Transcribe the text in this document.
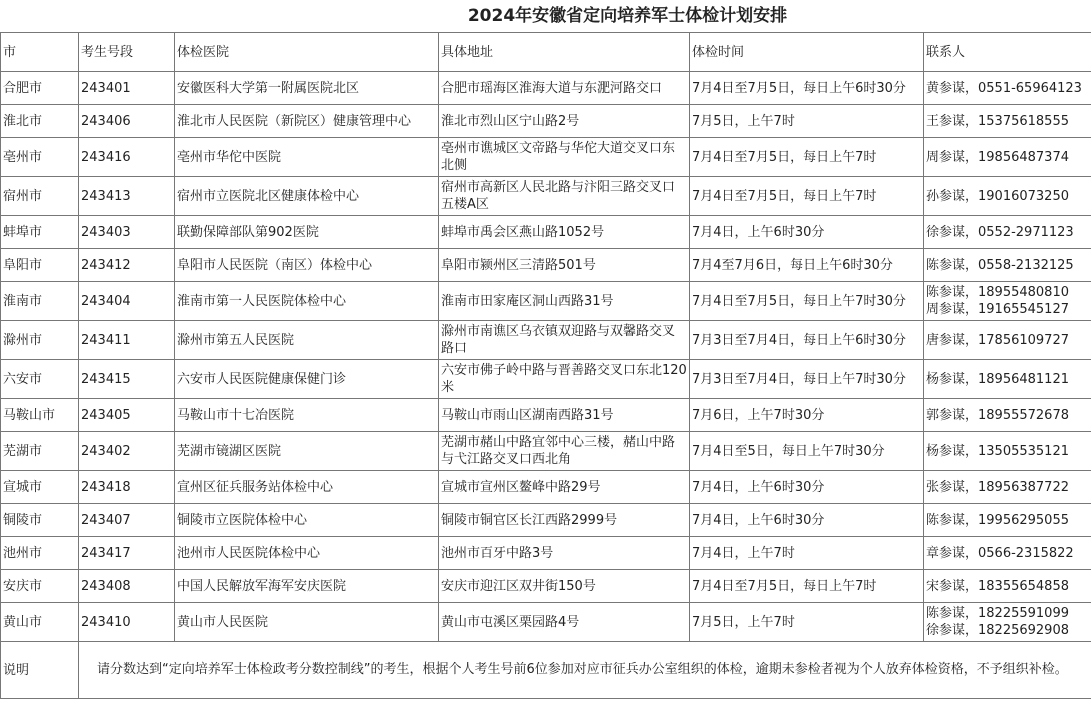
2024年安徽省定向培养军士体检计划安排
市	考生号段	体检医院	具体地址	体检时间	联系人
合肥市	243401	安徽医科大学第一附属医院北区	合肥市瑶海区淮海大道与东淝河路交口	7月4日至7月5日，每日上午6时30分	黄参谋，0551-65964123
淮北市	243406	淮北市人民医院（新院区）健康管理中心	淮北市烈山区宁山路2号	7月5日，上午7时	王参谋，15375618555
亳州市	243416	亳州市华佗中医院	亳州市谯城区文帝路与华佗大道交叉口东北侧	7月4日至7月5日，每日上午7时	周参谋，19856487374
宿州市	243413	宿州市立医院北区健康体检中心	宿州市高新区人民北路与汴阳三路交叉口五楼A区	7月4日至7月5日，每日上午7时	孙参谋，19016073250
蚌埠市	243403	联勤保障部队第902医院	蚌埠市禹会区燕山路1052号	7月4日，上午6时30分	徐参谋，0552-2971123
阜阳市	243412	阜阳市人民医院（南区）体检中心	阜阳市颍州区三清路501号	7月4至7月6日，每日上午6时30分	陈参谋，0558-2132125
淮南市	243404	淮南市第一人民医院体检中心	淮南市田家庵区洞山西路31号	7月4日至7月5日，每日上午7时30分	陈参谋，18955480810
周参谋，19165545127

滁州市	243411	滁州市第五人民医院	滁州市南谯区乌衣镇双迎路与双馨路交叉路口	7月3日至7月4日，每日上午6时30分	唐参谋，17856109727
六安市	243415	六安市人民医院健康保健门诊	六安市佛子岭中路与晋善路交叉口东北120米	7月3日至7月4日，每日上午7时30分	杨参谋，18956481121
马鞍山市	243405	马鞍山市十七冶医院	马鞍山市雨山区湖南西路31号	7月6日，上午7时30分	郭参谋，18955572678
芜湖市	243402	芜湖市镜湖区医院	芜湖市赭山中路宜邻中心三楼，赭山中路与弋江路交叉口西北角	7月4日至5日，每日上午7时30分	杨参谋，13505535121
宣城市	243418	宣州区征兵服务站体检中心	宣城市宣州区鳌峰中路29号	7月4日，上午6时30分	张参谋，18956387722
铜陵市	243407	铜陵市立医院体检中心	铜陵市铜官区长江西路2999号	7月4日，上午6时30分	陈参谋，19956295055
池州市	243417	池州市人民医院体检中心	池州市百牙中路3号	7月4日，上午7时	章参谋，0566-2315822
安庆市	243408	中国人民解放军海军安庆医院	安庆市迎江区双井街150号	7月4日至7月5日，每日上午7时	宋参谋，18355654858
黄山市	243410	黄山市人民医院	黄山市屯溪区栗园路4号	7月5日，上午7时	陈参谋，18225591099
徐参谋，18225692908

说明	请分数达到“定向培养军士体检政考分数控制线”的考生，根据个人考生号前6位参加对应市征兵办公室组织的体检，逾期未参检者视为个人放弃体检资格，不予组织补检。				
